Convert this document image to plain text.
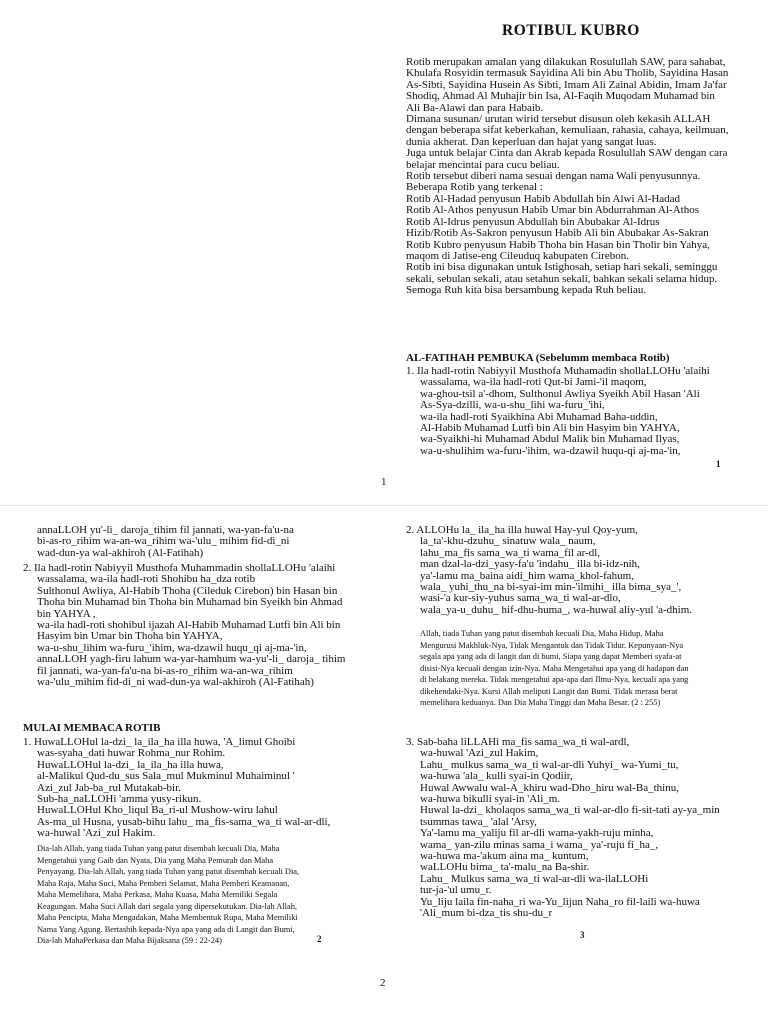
ROTIBUL KUBRO
Rotib merupakan amalan yang dilakukan Rosulullah SAW, para sahabat,
Khulafa Rosyidin termasuk Sayidina Ali bin Abu Tholib, Sayidina Hasan
As-Sibti, Sayidina Husein As Sibti, Imam Ali Zainal Abidin, Imam Ja'far
Shodiq, Ahmad Al Muhajir bin Isa, Al-Faqih Muqodam Muhamad bin
Ali Ba-Alawi dan para Habaib.
Dimana susunan/ urutan wirid tersebut disusun oleh kekasih ALLAH
dengan beberapa sifat keberkahan, kemuliaan, rahasia, cahaya, keilmuan,
dunia akherat. Dan keperluan dan hajat yang sangat luas.
Juga untuk belajar Cinta dan Akrab kepada Rosulullah SAW dengan cara
belajar mencintai para cucu beliau.
Rotib tersebut diberi nama sesuai dengan nama Wali penyusunnya.
Beberapa Rotib yang terkenal :
Rotib Al-Hadad penyusun Habib Abdullah bin Alwi Al-Hadad
Rotib Al-Athos penyusun Habib Umar bin Abdurrahman Al-Athos
Rotib Al-Idrus penyusun Abdullah bin Abubakar Al-Idrus
Hizib/Rotib As-Sakron penyusun Habib Ali bin Abubakar As-Sakran
Rotib Kubro penyusun Habib Thoha bin Hasan bin Tholir bin Yahya,
maqom di Jatise-eng Cileuduq kabupaten Cirebon.
Rotib ini bisa digunakan untuk Istighosah, setiap hari sekali, seminggu
sekali, sebulan sekali, atau setahun sekali, bahkan sekali selama hidup.
Semoga Ruh kita bisa bersambung kepada Ruh beliau.
AL-FATIHAH PEMBUKA (Sebelumm membaca Rotib)
1. Ila hadl-rotin Nabiyyil Musthofa Muhamadin shollaLLOHu 'alaihi
wassalama, wa-ila hadl-roti Qut-bi Jami-'il maqom,
wa-ghou-tsil a'-dhom, Sulthonul Awliya Syeikh Abil Hasan 'Ali
As-Sya-dzilli, wa-u-shu_lihi wa-furu_'ihi,
wa-ila hadl-roti Syaikhina Abi Muhamad Baha-uddin,
Al-Habib Muhamad Lutfi bin Ali bin Hasyim bin YAHYA,
wa-Syaikhi-hi Muhamad Abdul Malik bin Muhamad Ilyas,
wa-u-shulihim wa-furu-'ihim, wa-dzawil huqu-qi aj-ma-'in,
1
1
annaLLOH yu'-li_ daroja_tihim fil jannati, wa-yan-fa'u-na
bi-as-ro_rihim wa-an-wa_rihim wa-'ulu_ mihim fid-di_ni
wad-dun-ya wal-akhiroh (Al-Fatihah)
2. Ila hadl-rotin Nabiyyil Musthofa Muhammadin shollaLLOHu 'alaihi
wassalama, wa-ila hadl-roti Shohibu ha_dza rotib
Sulthonul Awliya, Al-Habib Thoha (Cileduk Cirebon) bin Hasan bin
Thoha bin Muhamad bin Thoha bin Muhamad bin Syeikh bin Ahmad
bin YAHYA ,
wa-ila hadl-roti shohibul ijazah Al-Habib Muhamad Lutfi bin Ali bin
Hasyim bin Umar bin Thoha bin YAHYA,
wa-u-shu_lihim wa-furu_'ihim, wa-dzawil huqu_qi aj-ma-'in,
annaLLOH yagh-firu lahum wa-yar-hamhum wa-yu'-li_ daroja_ tihim
fil jannati, wa-yan-fa'u-na bi-as-ro_rihim wa-an-wa_rihim
wa-'ulu_mihim fid-di_ni wad-dun-ya wal-akhiroh (Al-Fatihah)
MULAI MEMBACA ROTIB
1. HuwaLLOHul la-dzi_ la_ila_ha illa huwa, 'A_limul Ghoibi
was-syaha_dati huwar Rohma_nur Rohim.
HuwaLLOHul la-dzi_ la_ila_ha illa huwa,
al-Malikul Qud-du_sus Sala_mul Mukminul Muhaiminul '
Azi_zul Jab-ba_rul Mutakab-bir.
Sub-ha_naLLOHi 'amma yusy-rikun.
HuwaLLOHul Kho_liqul Ba_ri-ul Mushow-wiru lahul
As-ma_ul Husna, yusab-bihu lahu_ ma_fis-sama_wa_ti wal-ar-dli,
wa-huwal 'Azi_zul Hakim.
Dia-lah Allah, yang tiada Tuhan yang patut disembah kecuali Dia, Maha
Mengetahui yang Gaib dan Nyata, Dia yang Maha Pemurah dan Maha
Penyayang. Dia-lah Allah, yang tiada Tuhan yang patut disembah kecuali Dia,
Maha Raja, Maha Suci, Maha Pemberi Selamat, Maha Pemberi Keamanan,
Maha Memelihara, Maha Perkasa, Maha Kuasa, Maha Memiliki Segala
Keagungan. Maha Suci Allah dari segala yang dipersekutukan. Dia-lah Allah,
Maha Pencipta, Maha Mengadakan, Maha Membentuk Rupa, Maha Memiliki
Nama Yang Agung. Bertasbih kepada-Nya apa yang ada di Langit dan Bumi,
Dia-lah MahaPerkasa dan Maha Bijaksana (59 : 22-24)	2
2. ALLOHu la_ ila_ha illa huwal Hay-yul Qoy-yum,
la_ta'-khu-dzuhu_ sinatuw wala_ naum,
lahu_ma_fis sama_wa_ti wama_fil ar-dl,
man dzal-la-dzi_yasy-fa'u 'indahu_ illa bi-idz-nih,
ya'-lamu ma_baina aidi_him wama_khol-fahum,
wala_ yuhi_thu_na bi-syai-im min-'ilmihi_ illa bima_sya_',
wasi-'a kur-siy-yuhus sama_wa_ti wal-ar-dlo,
wala_ya-u_duhu_ hif-dhu-huma_, wa-huwal aliy-yul 'a-dhim.
Allah, tiada Tuhan yang patut disembah kecuali Dia, Maha Hidup, Maha
Mengurusi Makhluk-Nya, Tidak Mengantuk dan Tidak Tidur. Kepunyaan-Nya
segala apa yang ada di langit dan di bumi, Siapa yang dapat Memberi syafa-at
disisi-Nya kecuali dengan izin-Nya. Maha Mengetahui apa yang di hadapan dan
di belakang mereka. Tidak mengetahui apa-apa dari Ilmu-Nya, kecuali apa yang
dikehendaki-Nya. Kursi Allah meliputi Langit dan Bumi. Tidak merasa berat
memelihara keduanya. Dan Dia Maha Tinggi dan Maha Besar. (2 : 255)
3. Sab-baha liLLAHi ma_fis sama_wa_ti wal-ardl,
wa-huwal 'Azi_zul Hakim,
Lahu_ mulkus sama_wa_ti wal-ar-dli Yuhyi_ wa-Yumi_tu,
wa-huwa 'ala_ kulli syai-in Qodiir,
Huwal Awwalu wal-A_khiru wad-Dho_hiru wal-Ba_thinu,
wa-huwa bikulli syai-in 'Ali_m.
Huwal la-dzi_ kholaqos sama_wa_ti wal-ar-dlo fi-sit-tati ay-ya_min
tsummas tawa_ 'alal 'Arsy,
Ya'-lamu ma_yaliju fil ar-dli wama-yakh-ruju minha,
wama_ yan-zilu minas sama_i wama_ ya'-ruju fi_ha_,
wa-huwa ma-'akum aina ma_ kuntum,
waLLOHu bima_ ta'-malu_na Ba-shir.
Lahu_ Mulkus sama_wa_ti wal-ar-dli wa-ilaLLOHi
tur-ja-'ul umu_r.
Yu_liju laila fin-naha_ri wa-Yu_lijun Naha_ro fil-laili wa-huwa
'Ali_mum bi-dza_tis shu-du_r
3
2
